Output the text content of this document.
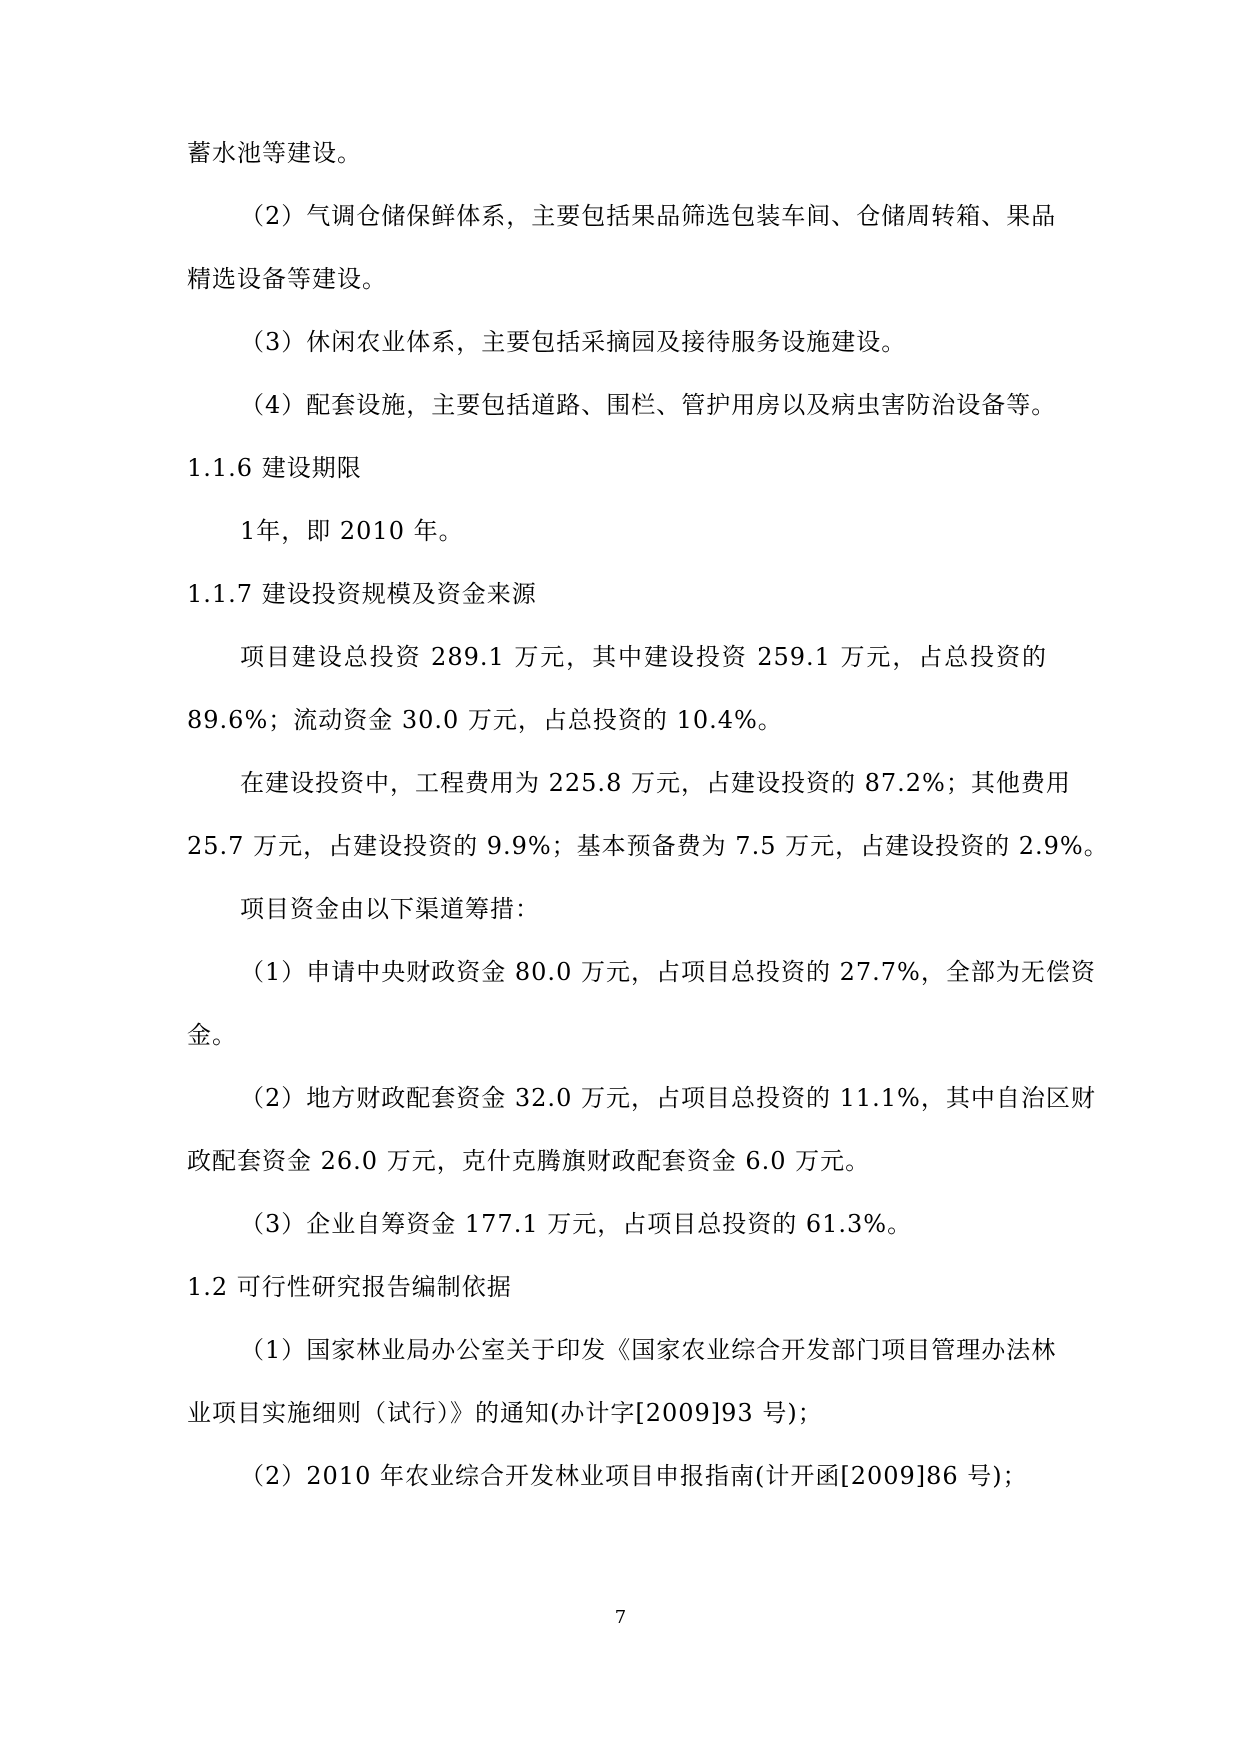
蓄水池等建设。
（2）气调仓储保鲜体系，主要包括果品筛选包装车间、仓储周转箱、果品
精选设备等建设。
（3）休闲农业体系，主要包括采摘园及接待服务设施建设。
（4）配套设施，主要包括道路、围栏、管护用房以及病虫害防治设备等。
1.1.6 建设期限
1年，即 2010 年。
1.1.7 建设投资规模及资金来源
项目建设总投资 289.1 万元，其中建设投资 259.1 万元，占总投资的
89.6%；流动资金 30.0 万元，占总投资的 10.4%。
在建设投资中，工程费用为 225.8 万元，占建设投资的 87.2%；其他费用
25.7 万元，占建设投资的 9.9%；基本预备费为 7.5 万元，占建设投资的 2.9%。
项目资金由以下渠道筹措：
（1）申请中央财政资金 80.0 万元，占项目总投资的 27.7%，全部为无偿资
金。
（2）地方财政配套资金 32.0 万元，占项目总投资的 11.1%，其中自治区财
政配套资金 26.0 万元，克什克腾旗财政配套资金 6.0 万元。
（3）企业自筹资金 177.1 万元，占项目总投资的 61.3%。
1.2 可行性研究报告编制依据
（1）国家林业局办公室关于印发《国家农业综合开发部门项目管理办法林
业项目实施细则（试行）》的通知(办计字[2009]93 号)；
（2）2010 年农业综合开发林业项目申报指南(计开函[2009]86 号)；
7
